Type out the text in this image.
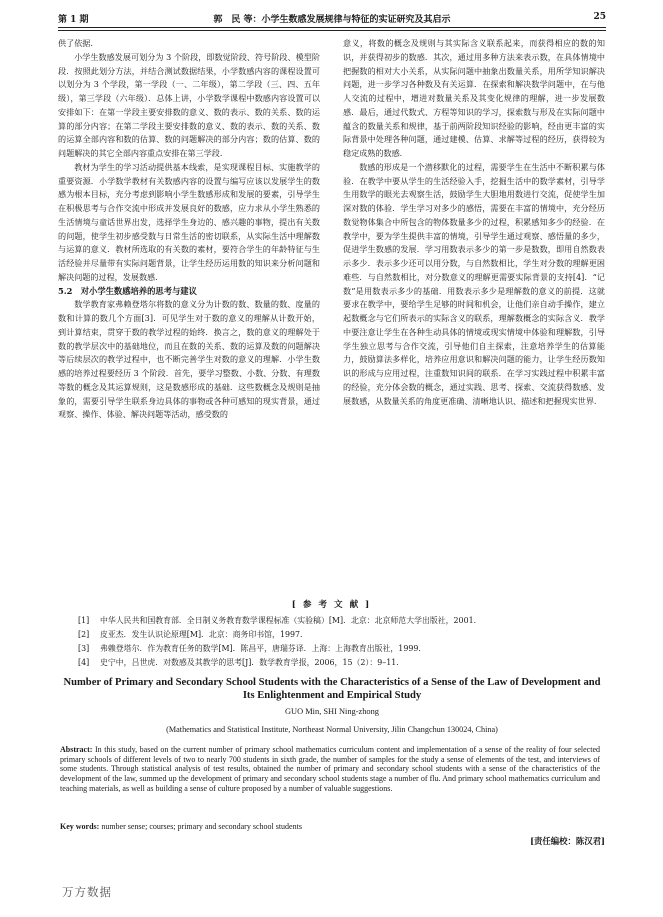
第 1 期	郭　民 等：小学生数感发展规律与特征的实证研究及其启示	25

供了依据.

小学生数感发展可划分为 3 个阶段，即数觉阶段、符号阶段、模型阶段．按照此划分方法，并结合测试数据结果，小学数感内容的课程设置可以划分为 3 个学段，第一学段（一、二年级），第二学段（三、四、五年级），第三学段（六年级）．总体上讲，小学数学课程中数感内容设置可以安排如下：在第一学段主要安排数的意义、数的表示、数的关系、数的运算的部分内容；在第二学段主要安排数的意义、数的表示、数的关系、数的运算全部内容和数的估算、数的问题解决的部分内容；数的估算、数的问题解决的其它全部内容重点安排在第三学段.

教材为学生的学习活动提供基本线索，是实现课程目标、实施教学的重要资源．小学数学教材有关数感内容的设置与编写应该以发展学生的数感为根本目标，充分考虑到影响小学生数感形成和发展的要素，引导学生在积极思考与合作交流中形成并发展良好的数感，应力求从小学生熟悉的生活情境与童话世界出发，选择学生身边的、感兴趣的事物，提出有关数的问题，使学生初步感受数与日常生活的密切联系，从实际生活中理解数与运算的意义．教材所选取的有关数的素材，要符合学生的年龄特征与生活经验并尽量带有实际问题背景，让学生经历运用数的知识来分析问题和解决问题的过程，发展数感.

5.2　对小学生数感培养的思考与建议

数学教育家弗赖登塔尔将数的意义分为计数的数、数量的数、度量的数和计算的数几个方面[3]．可见学生对于数的意义的理解从计数开始，到计算结束，贯穿于数的教学过程的始终．换言之，数的意义的理解处于数的教学层次中的基础地位，而且在数的关系、数的运算及数的问题解决等后续层次的教学过程中，也不断完善学生对数的意义的理解．小学生数感的培养过程要经历 3 个阶段．首先，要学习整数、小数、分数、有理数等数的概念及其运算规则，这是数感形成的基础．这些数概念及规则是抽象的，需要引导学生联系身边具体的事物或各种可感知的现实背景，通过观察、操作、体验、解决问题等活动，感受数的

意义，将数的概念及规则与其实际含义联系起来，而获得相应的数的知识，并获得初步的数感．其次，通过用多种方法来表示数，在具体情境中把握数的相对大小关系，从实际问题中抽象出数量关系，用所学知识解决问题，进一步学习各种数及有关运算．在探索和解决数学问题中，在与他人交流的过程中，增进对数量关系及其变化规律的理解，进一步发展数感．最后，通过代数式、方程等知识的学习，探索数与形及在实际问题中蕴含的数量关系和规律，基于前两阶段知识经验的影响，经由更丰富的实际背景中处理各种问题，通过建模、估算、求解等过程的经历，获得较为稳定成熟的数感.

数感的形成是一个潜移默化的过程，需要学生在生活中不断积累与体验．在教学中要从学生的生活经验入手，挖掘生活中的数学素材，引导学生用数学的眼光去观察生活，鼓励学生大胆地用数进行交流，促使学生加深对数的体验．学生学习对多少的感悟，需要在丰富的情境中，充分经历数觉物体集合中所包含的物体数量多少的过程，积累感知多少的经验．在教学中，要为学生提供丰富的情境，引导学生通过观察、感悟量的多少，促进学生数感的发展．学习用数表示多少的第一步是数数，即用自然数表示多少．表示多少还可以用分数，与自然数相比，学生对分数的理解更困难些．与自然数相比，对分数意义的理解更需要实际背景的支持[4]．“记数”是用数表示多少的基础．用数表示多少是理解数的意义的前提．这就要求在教学中，要给学生足够的时间和机会，让他们亲自动手操作，建立起数概念与它们所表示的实际含义的联系，理解数概念的实际含义．教学中要注意让学生在各种生动具体的情境或现实情境中体验和理解数，引导学生独立思考与合作交流，引导他们自主探索，注意培养学生的估算能力，鼓励算法多样化，培养应用意识和解决问题的能力，让学生经历数知识的形成与应用过程，注重数知识间的联系．在学习实践过程中积累丰富的经验，充分体会数的概念，通过实践、思考、探索、交流获得数感、发展数感，从数量关系的角度更准确、清晰地认识、描述和把握现实世界.

[ 参 考 文 献 ]
[1] 中华人民共和国教育部．全日制义务教育数学课程标准（实验稿）[M]．北京：北京师范大学出版社，2001．
[2] 皮亚杰．发生认识论原理[M]．北京：商务印书馆，1997．
[3] 弗赖登塔尔．作为教育任务的数学[M]．陈昌平，唐瑞芬译．上海：上海教育出版社，1999．
[4] 史宁中，吕世虎．对数感及其教学的思考[J]．数学教育学报，2006，15（2）：9–11．
Number of Primary and Secondary School Students with the Characteristics of a Sense of the Law of Development and Its Enlightenment and Empirical Study
GUO Min, SHI Ning-zhong
(Mathematics and Statistical Institute, Northeast Normal University, Jilin Changchun 130024, China)
Abstract: In this study, based on the current number of primary school mathematics curriculum content and implementation of a sense of the reality of four selected primary schools of different levels of two to nearly 700 students in sixth grade, the number of samples for the study a sense of elements of the test, and interviews of some students. Through statistical analysis of test results, obtained the number of primary and secondary school students with a sense of the characteristics of the development of the law, summed up the development of primary and secondary school students stage a number of flu. And primary school mathematics curriculum and teaching materials, as well as building a sense of culture proposed by a number of valuable suggestions.
Key words: number sense; courses; primary and secondary school students
[责任编校：陈汉君]
万方数据
